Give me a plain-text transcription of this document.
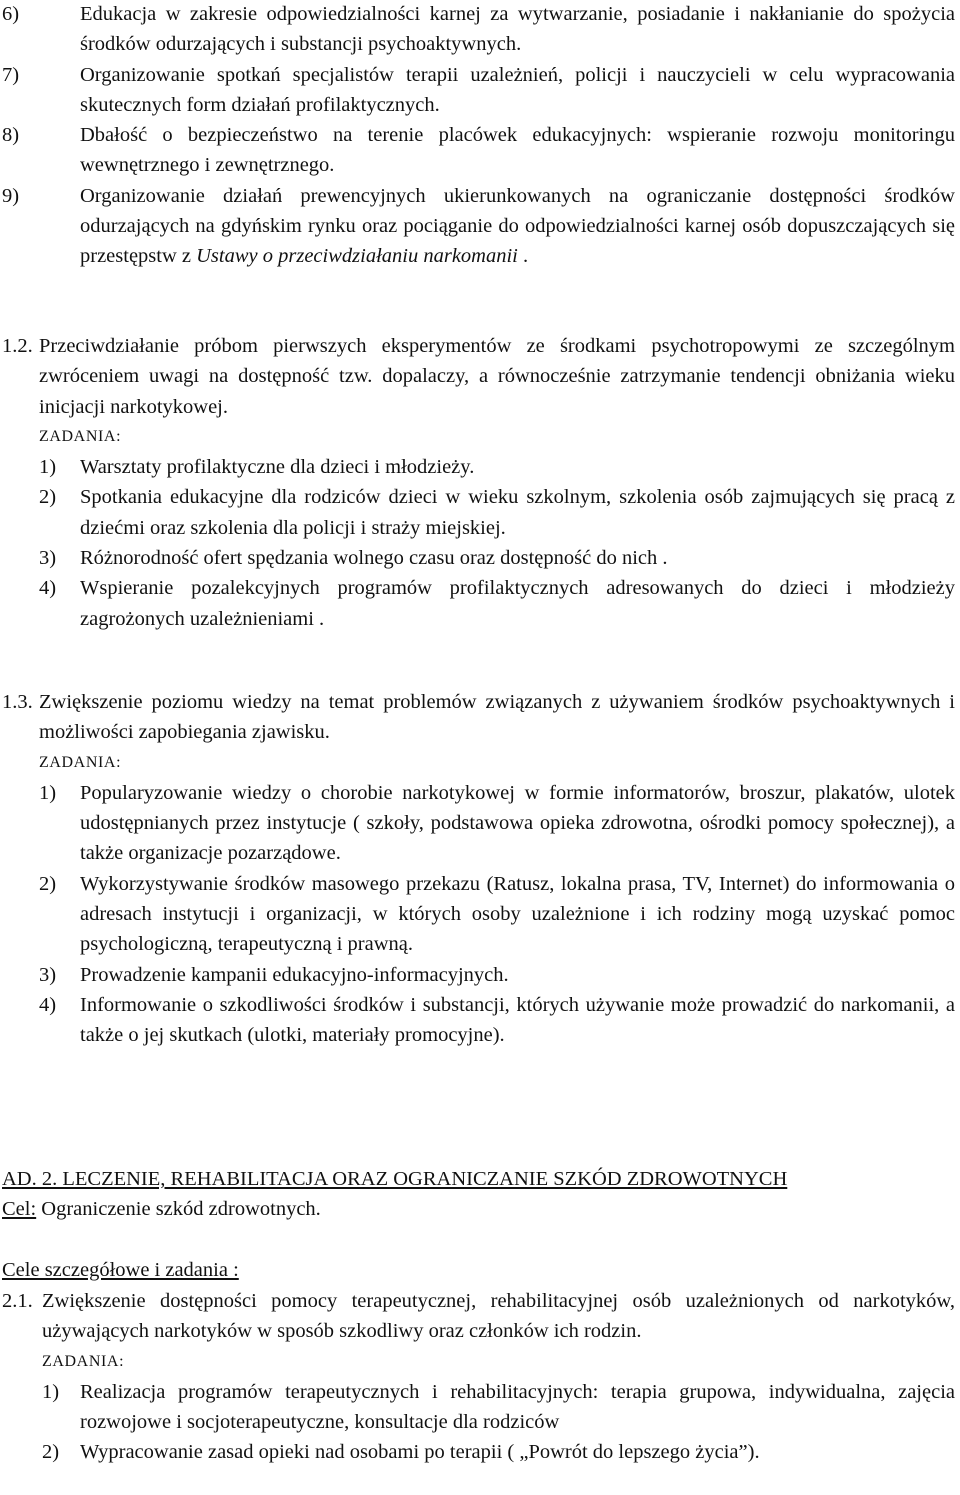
6)	Edukacja w zakresie odpowiedzialności karnej za wytwarzanie, posiadanie i nakłanianie do spożycia środków odurzających i substancji psychoaktywnych.
7)	Organizowanie spotkań specjalistów terapii uzależnień, policji i nauczycieli w celu wypracowania skutecznych form działań profilaktycznych.
8)	Dbałość o bezpieczeństwo na terenie placówek edukacyjnych: wspieranie rozwoju monitoringu wewnętrznego i zewnętrznego.
9)	Organizowanie działań prewencyjnych ukierunkowanych na ograniczanie dostępności środków odurzających na gdyńskim rynku oraz pociąganie do odpowiedzialności karnej osób dopuszczających się przestępstw z Ustawy o przeciwdziałaniu narkomanii .
1.2. Przeciwdziałanie próbom pierwszych eksperymentów ze środkami psychotropowymi ze szczególnym zwróceniem uwagi na dostępność tzw. dopalaczy, a równocześnie zatrzymanie tendencji obniżania wieku inicjacji narkotykowej.
ZADANIA:
1)	Warsztaty profilaktyczne dla dzieci i młodzieży.
2)	Spotkania edukacyjne dla rodziców dzieci w wieku szkolnym, szkolenia osób zajmujących się pracą z dziećmi oraz szkolenia dla policji i straży miejskiej.
3)	Różnorodność ofert spędzania wolnego czasu oraz dostępność do nich .
4)	Wspieranie pozalekcyjnych programów profilaktycznych adresowanych do dzieci i młodzieży zagrożonych uzależnieniami .
1.3. Zwiększenie poziomu wiedzy na temat problemów związanych z używaniem środków psychoaktywnych i możliwości zapobiegania zjawisku.
ZADANIA:
1)	Popularyzowanie wiedzy o chorobie narkotykowej w formie informatorów, broszur, plakatów, ulotek udostępnianych przez instytucje ( szkoły, podstawowa opieka zdrowotna, ośrodki pomocy społecznej), a także organizacje pozarządowe.
2)	Wykorzystywanie środków masowego przekazu (Ratusz, lokalna prasa, TV, Internet) do informowania o adresach instytucji i organizacji, w których osoby uzależnione i ich rodziny mogą uzyskać pomoc psychologiczną, terapeutyczną i prawną.
3)	Prowadzenie kampanii edukacyjno-informacyjnych.
4)	Informowanie o szkodliwości środków i substancji, których używanie może prowadzić do narkomanii, a także o jej skutkach (ulotki, materiały promocyjne).
AD. 2. LECZENIE, REHABILITACJA ORAZ OGRANICZANIE SZKÓD ZDROWOTNYCH
Cel: Ograniczenie szkód zdrowotnych.
Cele szczegółowe i zadania :
2.1. Zwiększenie dostępności pomocy terapeutycznej, rehabilitacyjnej osób uzależnionych od narkotyków, używających narkotyków w sposób szkodliwy oraz członków ich rodzin.
ZADANIA:
1)	Realizacja programów terapeutycznych i rehabilitacyjnych: terapia grupowa, indywidualna, zajęcia rozwojowe i socjoterapeutyczne, konsultacje dla rodziców
2)	Wypracowanie zasad opieki nad osobami po terapii ( „Powrót do lepszego życia”).
